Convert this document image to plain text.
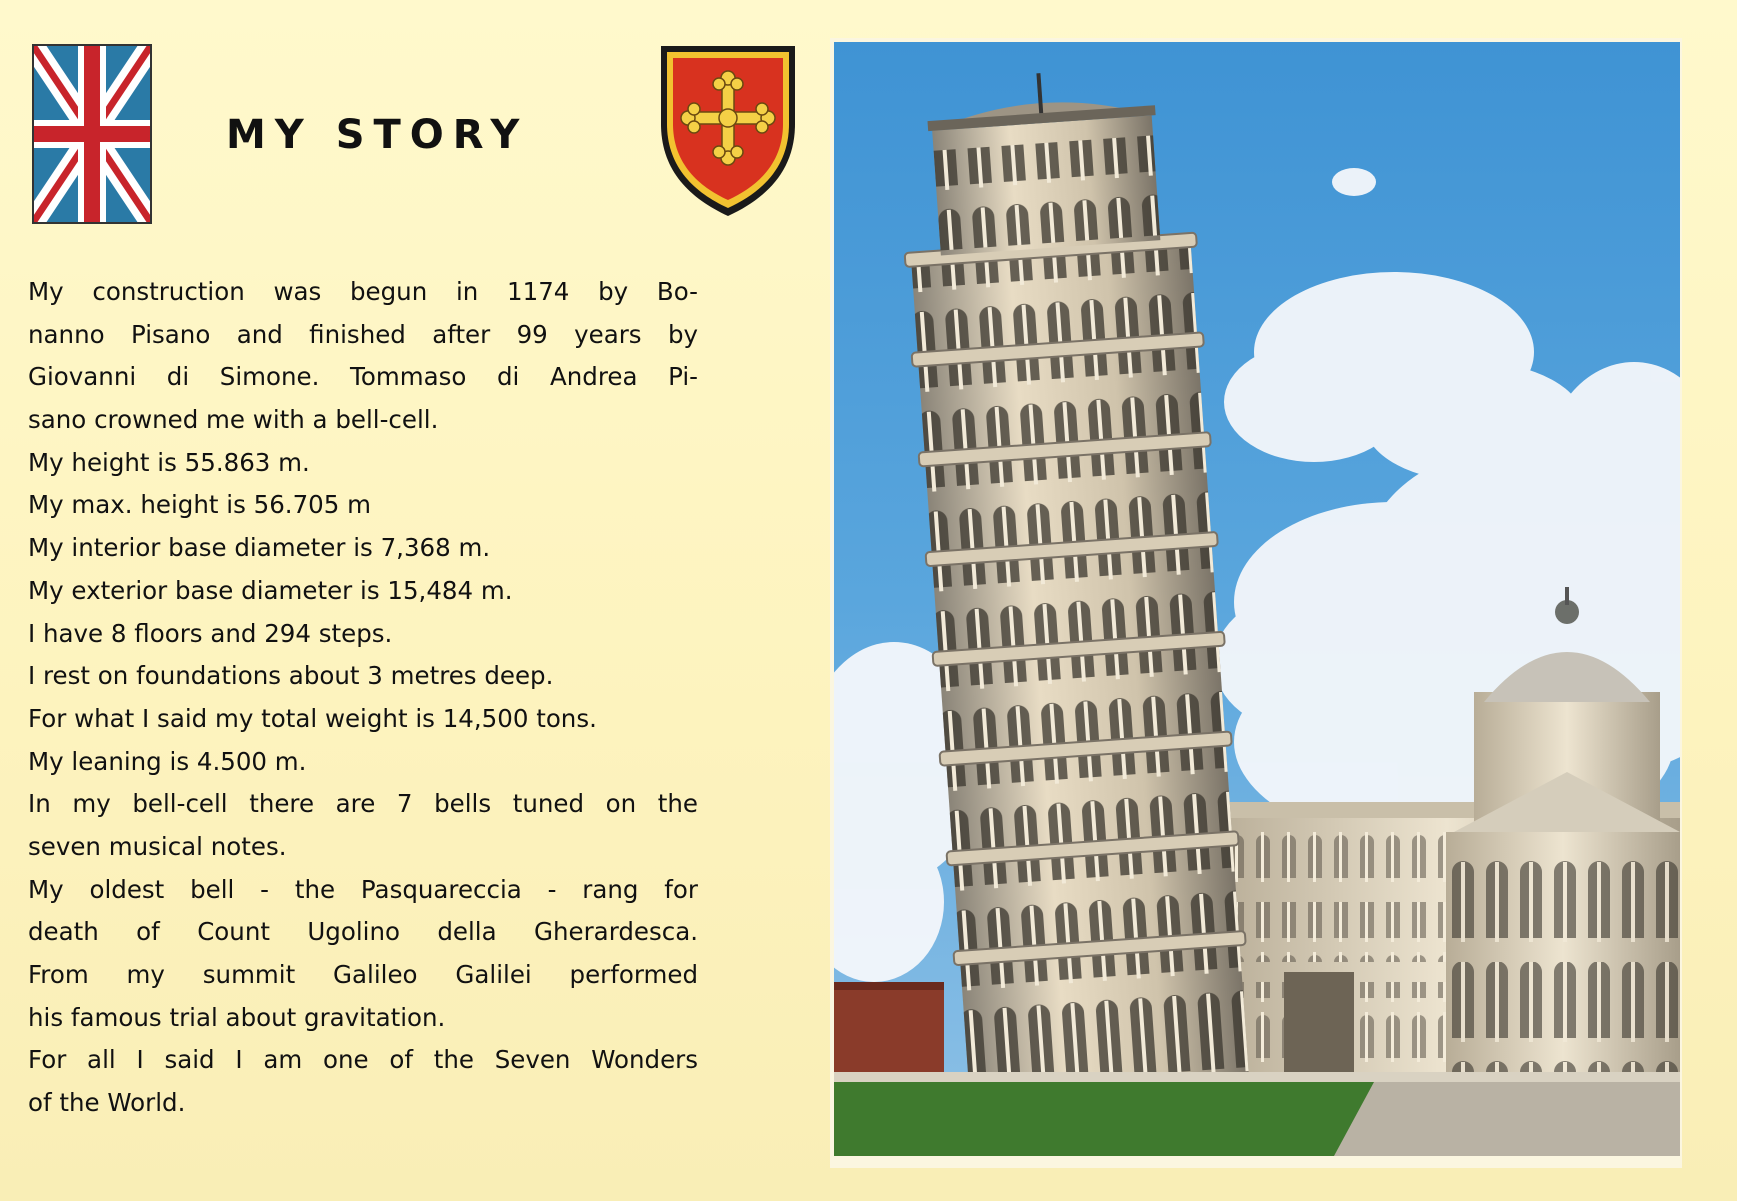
MY STORY
My construction was begun in 1174 by Bo-
nanno Pisano and finished after 99 years by
Giovanni di Simone. Tommaso di Andrea Pi-
sano crowned me with a bell-cell.
My height is 55.863 m.
My max. height is 56.705 m
My interior base diameter is 7,368 m.
My exterior base diameter is 15,484 m.
I have 8 floors and 294 steps.
I rest on foundations about 3 metres deep.
For what I said my total weight is 14,500 tons.
My leaning is 4.500 m.
In my bell-cell there are 7 bells tuned on the
seven musical notes.
My oldest bell - the Pasquareccia - rang for
death of Count Ugolino della Gherardesca.
From my summit Galileo Galilei performed
his famous trial about gravitation.
For all I said I am one of the Seven Wonders
of the World.
